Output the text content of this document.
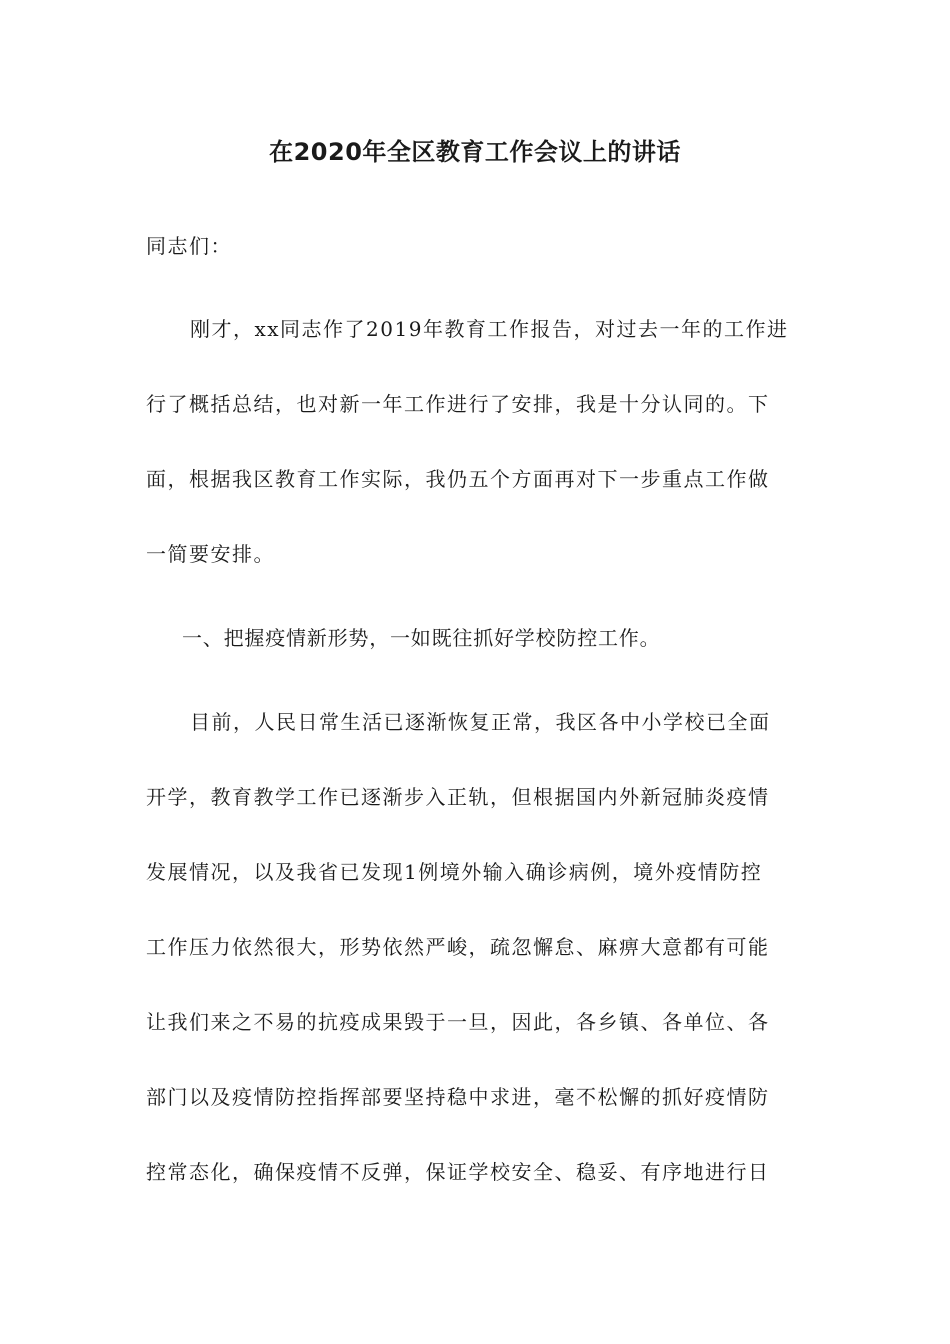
在2020年全区教育工作会议上的讲话
同志们：
刚才，xx同志作了2019年教育工作报告，对过去一年的工作进
行了概括总结，也对新一年工作进行了安排，我是十分认同的。下
面，根据我区教育工作实际，我仍五个方面再对下一步重点工作做
一简要安排。
一、把握疫情新形势，一如既往抓好学校防控工作。
目前，人民日常生活已逐渐恢复正常，我区各中小学校已全面
开学，教育教学工作已逐渐步入正轨，但根据国内外新冠肺炎疫情
发展情况，以及我省已发现1例境外输入确诊病例，境外疫情防控
工作压力依然很大，形势依然严峻，疏忽懈怠、麻痹大意都有可能
让我们来之不易的抗疫成果毁于一旦，因此，各乡镇、各单位、各
部门以及疫情防控指挥部要坚持稳中求进，毫不松懈的抓好疫情防
控常态化，确保疫情不反弹，保证学校安全、稳妥、有序地进行日
